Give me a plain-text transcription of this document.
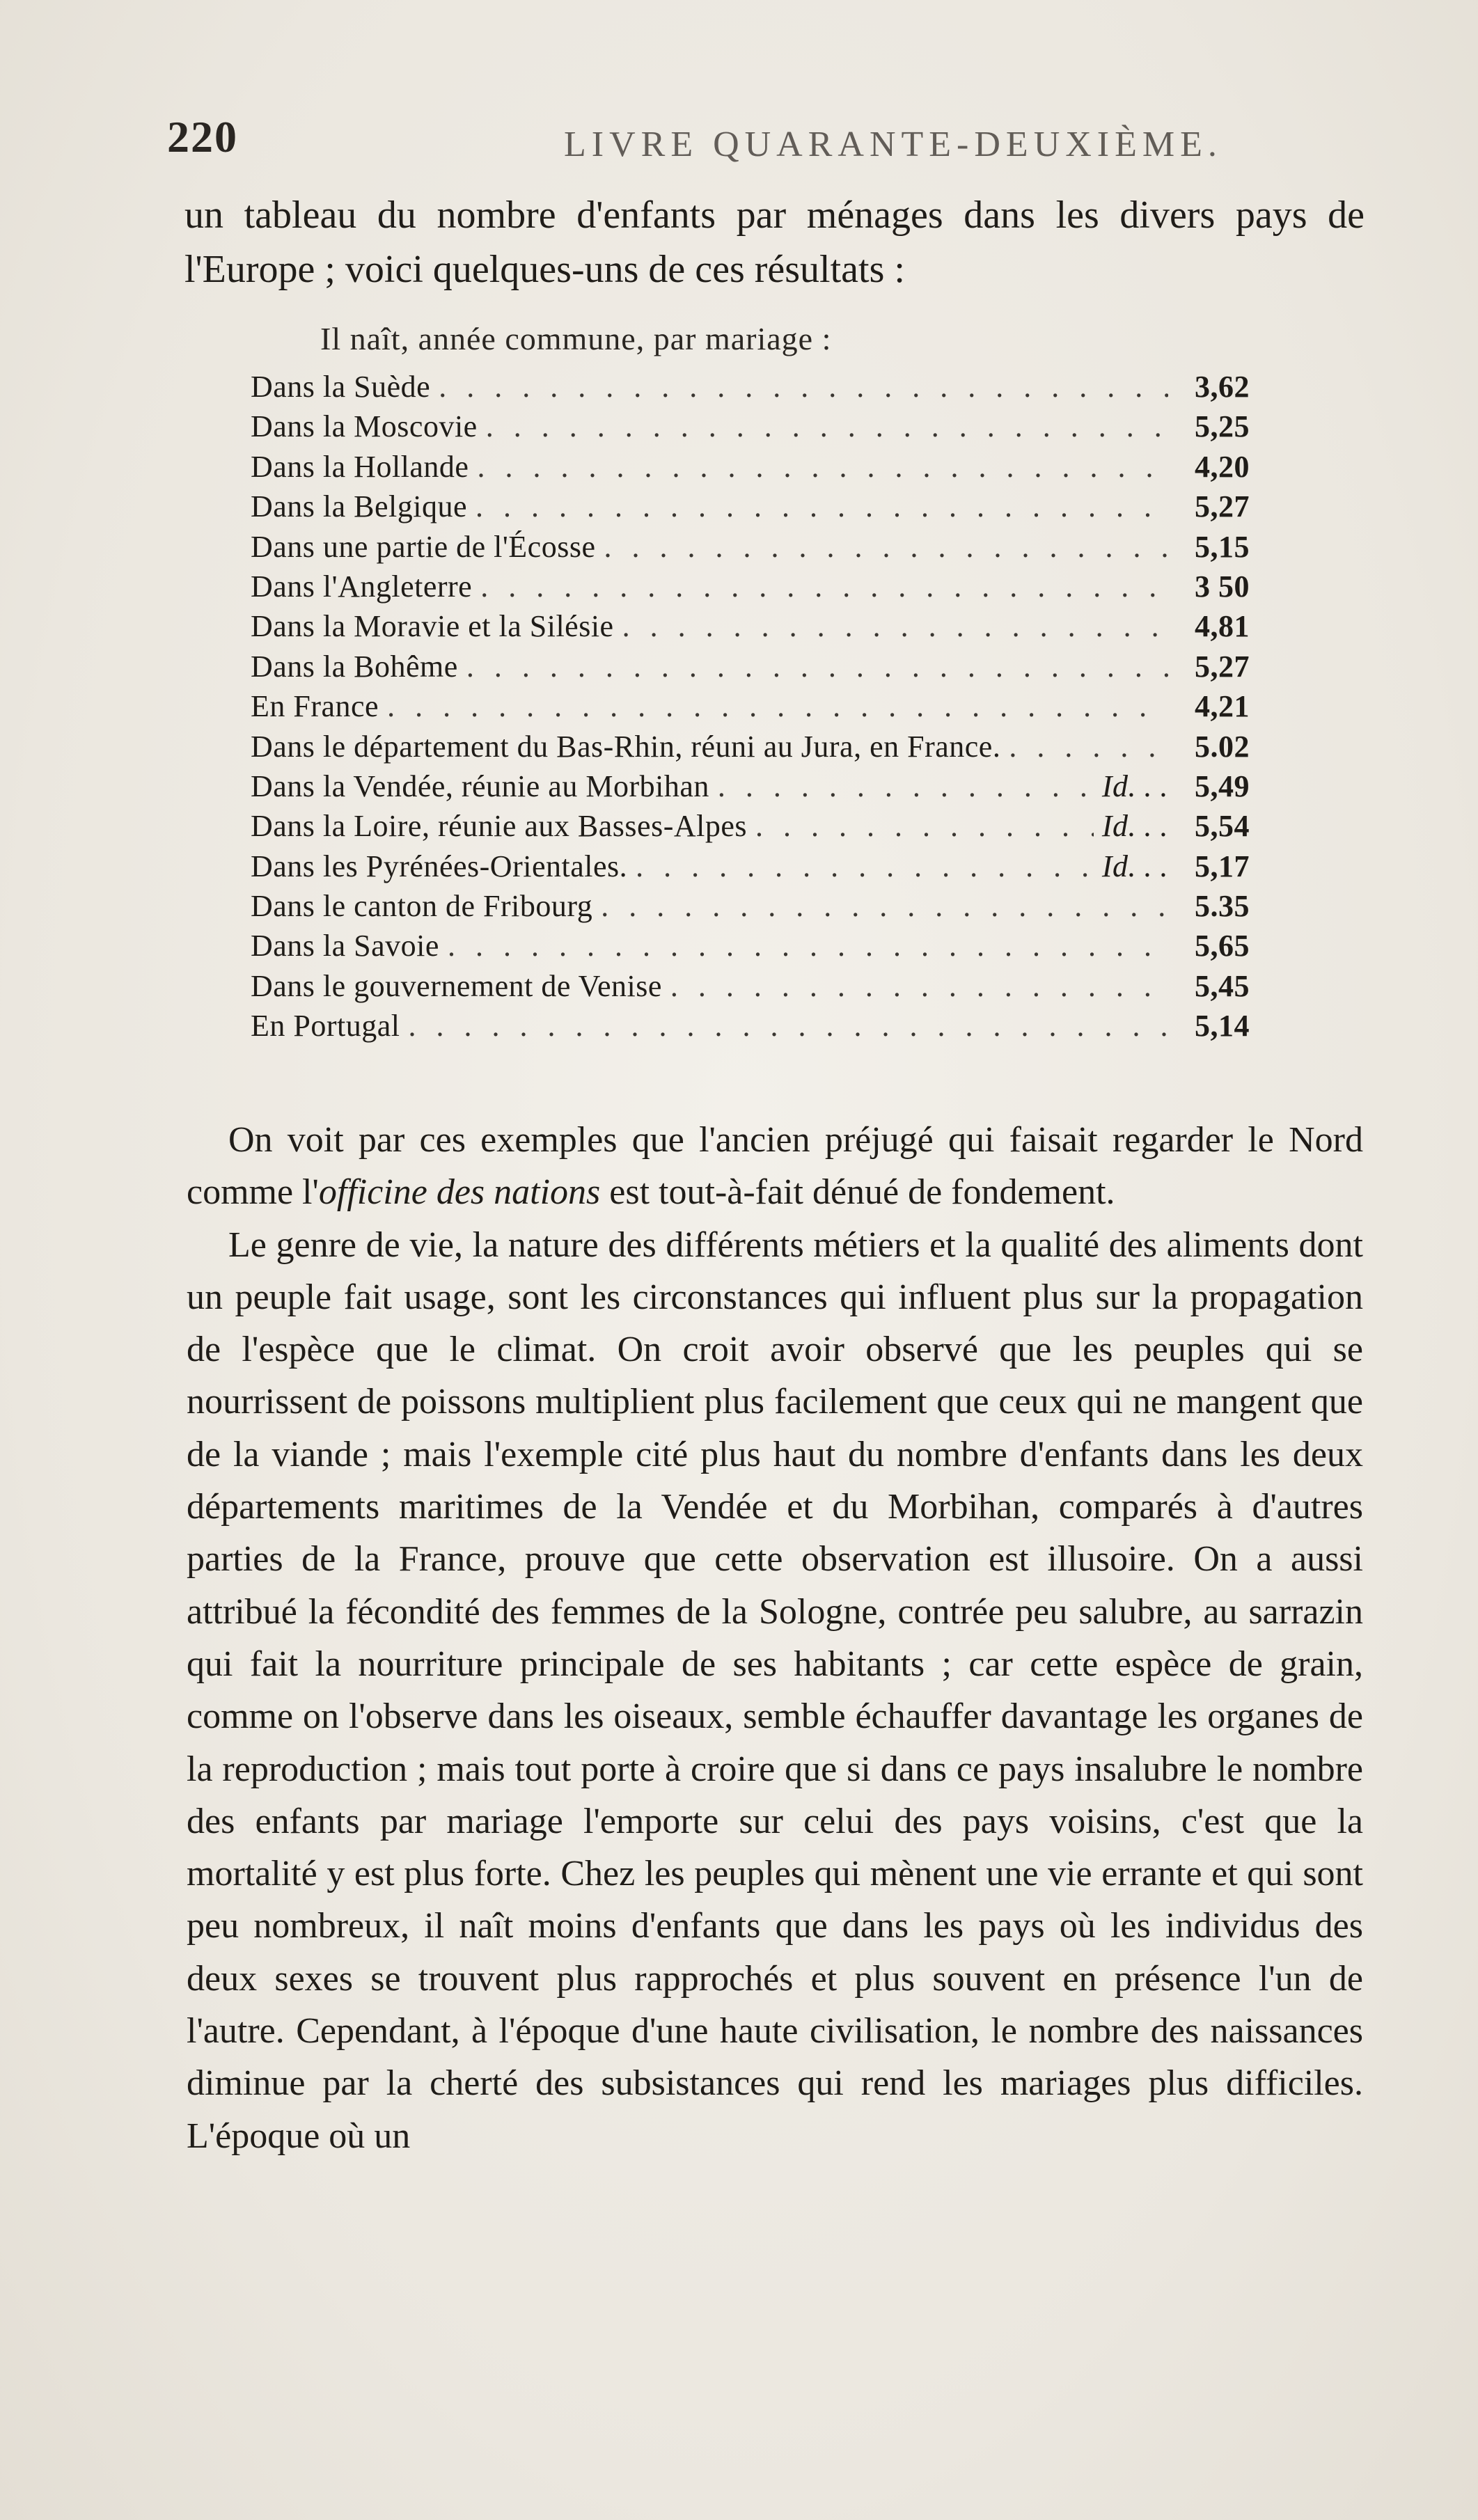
220	LIVRE QUARANTE-DEUXIÈME.
un tableau du nombre d'enfants par ménages dans les divers pays de l'Europe ; voici quelques-uns de ces résultats :
Il naît, année commune, par mariage :
Dans la Suède . . .	3,62
Dans la Moscovie . . .	5,25
Dans la Hollande . . .	4,20
Dans la Belgique . . .	5,27
Dans une partie de l'Écosse . . .	5,15
Dans l'Angleterre . . .	3 50
Dans la Moravie et la Silésie . . .	4,81
Dans la Bohême . . .	5,27
En France . . .	4,21
Dans le département du Bas-Rhin, réuni au Jura, en France. . . .	5.02
Dans la Vendée, réunie au Morbihan . . .	Id. . . 5,49
Dans la Loire, réunie aux Basses-Alpes . . .	Id. . . 5,54
Dans les Pyrénées-Orientales. . . .	Id. . . 5,17
Dans le canton de Fribourg . . .	5.35
Dans la Savoie . . .	5,65
Dans le gouvernement de Venise . . .	5,45
En Portugal . . .	5,14

On voit par ces exemples que l'ancien préjugé qui faisait regarder le Nord comme l'officine des nations est tout-à-fait dénué de fondement.

Le genre de vie, la nature des différents métiers et la qualité des aliments dont un peuple fait usage, sont les circonstances qui influent plus sur la propagation de l'espèce que le climat. On croit avoir observé que les peuples qui se nourrissent de poissons multiplient plus facilement que ceux qui ne mangent que de la viande ; mais l'exemple cité plus haut du nombre d'enfants dans les deux départements maritimes de la Vendée et du Morbihan, comparés à d'autres parties de la France, prouve que cette observation est illusoire. On a aussi attribué la fécondité des femmes de la Sologne, contrée peu salubre, au sarrazin qui fait la nourriture principale de ses habitants ; car cette espèce de grain, comme on l'observe dans les oiseaux, semble échauffer davantage les organes de la reproduction ; mais tout porte à croire que si dans ce pays insalubre le nombre des enfants par mariage l'emporte sur celui des pays voisins, c'est que la mortalité y est plus forte. Chez les peuples qui mènent une vie errante et qui sont peu nombreux, il naît moins d'enfants que dans les pays où les individus des deux sexes se trouvent plus rapprochés et plus souvent en présence l'un de l'autre. Cependant, à l'époque d'une haute civilisation, le nombre des naissances diminue par la cherté des subsistances qui rend les mariages plus difficiles. L'époque où un
